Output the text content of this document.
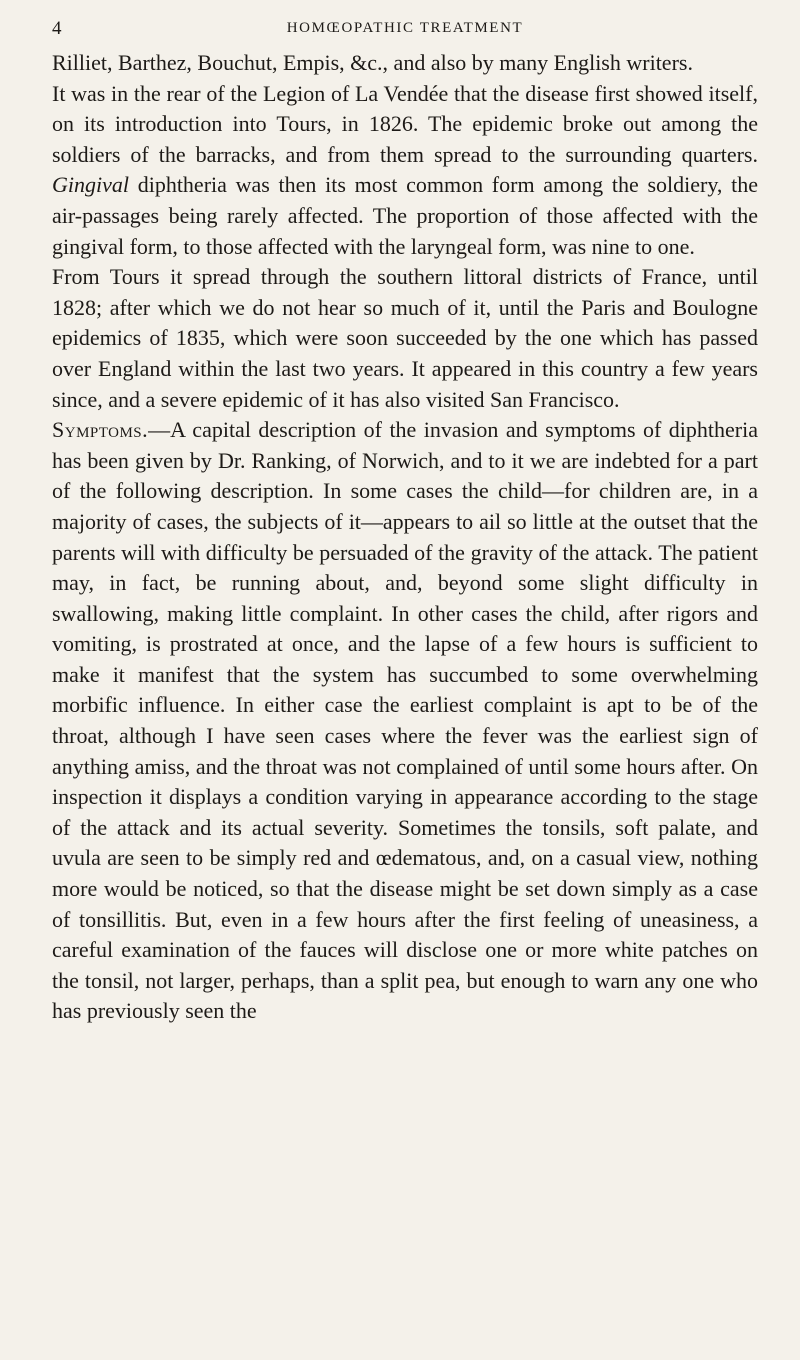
4	HOMŒOPATHIC TREATMENT

Rilliet, Barthez, Bouchut, Empis, &c., and also by many English writers.

It was in the rear of the Legion of La Vendée that the disease first showed itself, on its introduction into Tours, in 1826. The epidemic broke out among the soldiers of the barracks, and from them spread to the surrounding quarters. Gingival diphtheria was then its most common form among the soldiery, the air-passages being rarely affected. The proportion of those affected with the gingival form, to those affected with the laryngeal form, was nine to one.

From Tours it spread through the southern littoral districts of France, until 1828; after which we do not hear so much of it, until the Paris and Boulogne epidemics of 1835, which were soon succeeded by the one which has passed over England within the last two years. It appeared in this country a few years since, and a severe epidemic of it has also visited San Francisco.

Symptoms.—A capital description of the invasion and symptoms of diphtheria has been given by Dr. Ranking, of Norwich, and to it we are indebted for a part of the following description. In some cases the child—for children are, in a majority of cases, the subjects of it—appears to ail so little at the outset that the parents will with difficulty be persuaded of the gravity of the attack. The patient may, in fact, be running about, and, beyond some slight difficulty in swallowing, making little complaint. In other cases the child, after rigors and vomiting, is prostrated at once, and the lapse of a few hours is sufficient to make it manifest that the system has succumbed to some overwhelming morbific influence. In either case the earliest complaint is apt to be of the throat, although I have seen cases where the fever was the earliest sign of anything amiss, and the throat was not complained of until some hours after. On inspection it displays a condition varying in appearance according to the stage of the attack and its actual severity. Sometimes the tonsils, soft palate, and uvula are seen to be simply red and œdematous, and, on a casual view, nothing more would be noticed, so that the disease might be set down simply as a case of tonsillitis. But, even in a few hours after the first feeling of uneasiness, a careful examination of the fauces will disclose one or more white patches on the tonsil, not larger, perhaps, than a split pea, but enough to warn any one who has previously seen the
